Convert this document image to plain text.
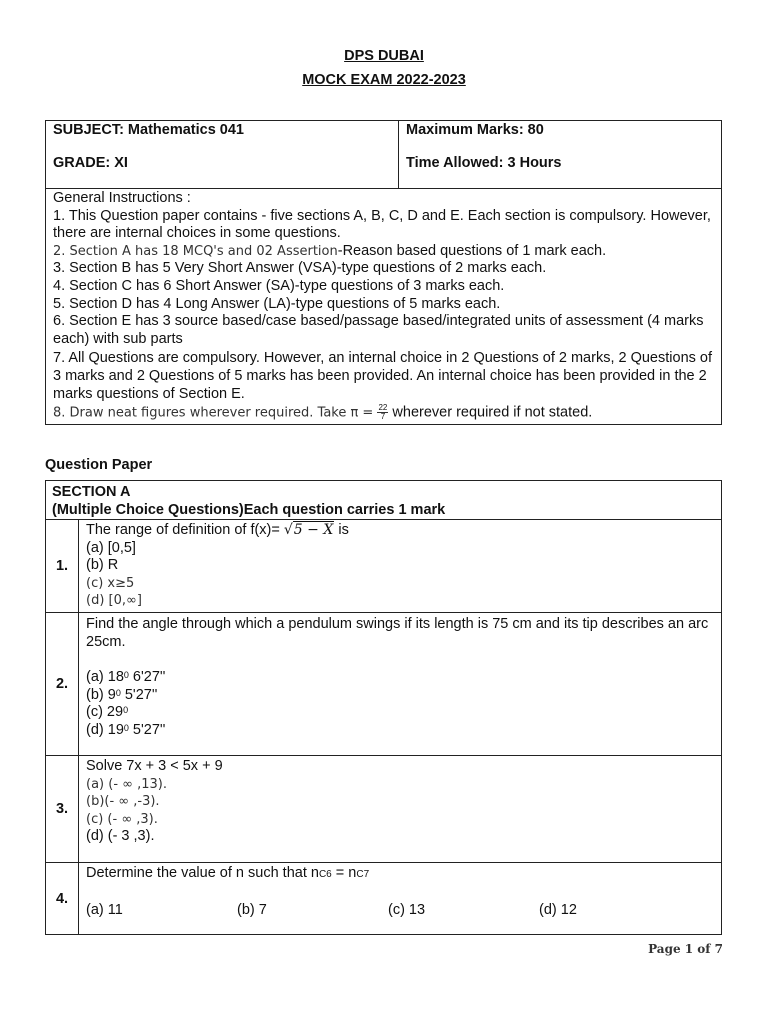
DPS DUBAI
MOCK EXAM 2022-2023
SUBJECT: Mathematics 041
GRADE: XI
Maximum Marks: 80
Time Allowed: 3 Hours
General Instructions :
1. This Question paper contains - five sections A, B, C, D and E. Each section is compulsory. However, there are internal choices in some questions.
2. Section A has 18 MCQ's and 02 Assertion-Reason based questions of 1 mark each.
3. Section B has 5 Very Short Answer (VSA)-type questions of 2 marks each.
4. Section C has 6 Short Answer (SA)-type questions of 3 marks each.
5. Section D has 4 Long Answer (LA)-type questions of 5 marks each.
6. Section E has 3 source based/case based/passage based/integrated units of assessment (4 marks each) with sub parts
7. All Questions are compulsory. However, an internal choice in 2 Questions of 2 marks, 2 Questions of 3 marks and 2 Questions of 5 marks has been provided. An internal choice has been provided in the 2 marks questions of Section E.
8. Draw neat figures wherever required. Take $\pi = \frac{22}{7}$ wherever required if not stated.
Question Paper
SECTION A
(Multiple Choice Questions)Each question carries 1 mark	

1.	The range of definition of f(x)= √5 − X is
(a) [0,5]
(b) R
(c) x≥5
(d) [0,∞]

2.	Find the angle through which a pendulum swings if its length is 75 cm and its tip describes an arc 25cm.
(a) $18^0$ 6'27''
(b) $9^0$ 5'27''
(c) $29^0$
(d) $19^0$ 5'27''

3.	Solve 7x + 3 < 5x + 9
(a) (- ∞ ,13).
(b)(- ∞ ,-3).
(c) (- ∞ ,3).
(d) (- 3 ,3).

4.	Determine the value of n such that nC6 = nC7
(a) 11 (b) 7 (c) 13 (d) 12
Page 1 of 7
